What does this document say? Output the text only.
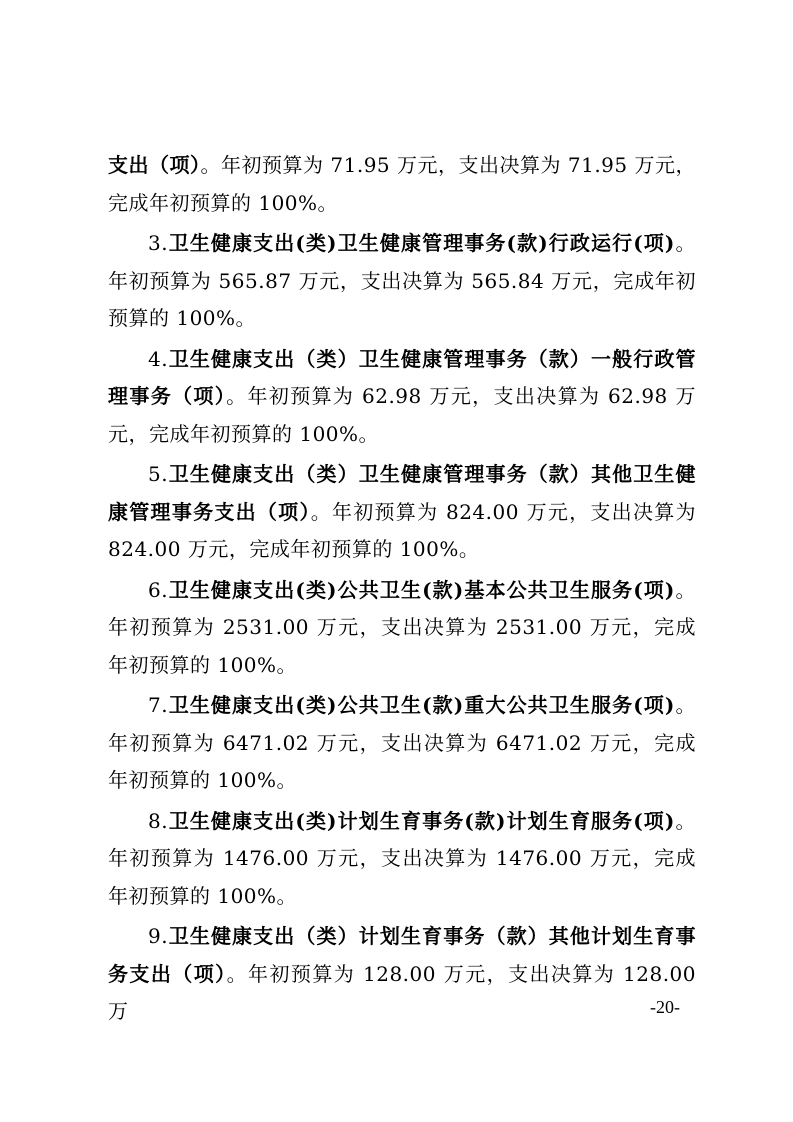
支出（项）。年初预算为 71.95 万元，支出决算为 71.95 万元，完成年初预算的 100%。

3.卫生健康支出(类)卫生健康管理事务(款)行政运行(项)。年初预算为 565.87 万元，支出决算为 565.84 万元，完成年初预算的 100%。

4.卫生健康支出（类）卫生健康管理事务（款）一般行政管理事务（项）。年初预算为 62.98 万元，支出决算为 62.98 万元，完成年初预算的 100%。

5.卫生健康支出（类）卫生健康管理事务（款）其他卫生健康管理事务支出（项）。年初预算为 824.00 万元，支出决算为 824.00 万元，完成年初预算的 100%。

6.卫生健康支出(类)公共卫生(款)基本公共卫生服务(项)。年初预算为 2531.00 万元，支出决算为 2531.00 万元，完成年初预算的 100%。

7.卫生健康支出(类)公共卫生(款)重大公共卫生服务(项)。年初预算为 6471.02 万元，支出决算为 6471.02 万元，完成年初预算的 100%。

8.卫生健康支出(类)计划生育事务(款)计划生育服务(项)。年初预算为 1476.00 万元，支出决算为 1476.00 万元，完成年初预算的 100%。

9.卫生健康支出（类）计划生育事务（款）其他计划生育事务支出（项）。年初预算为 128.00 万元，支出决算为 128.00 万	-20-
